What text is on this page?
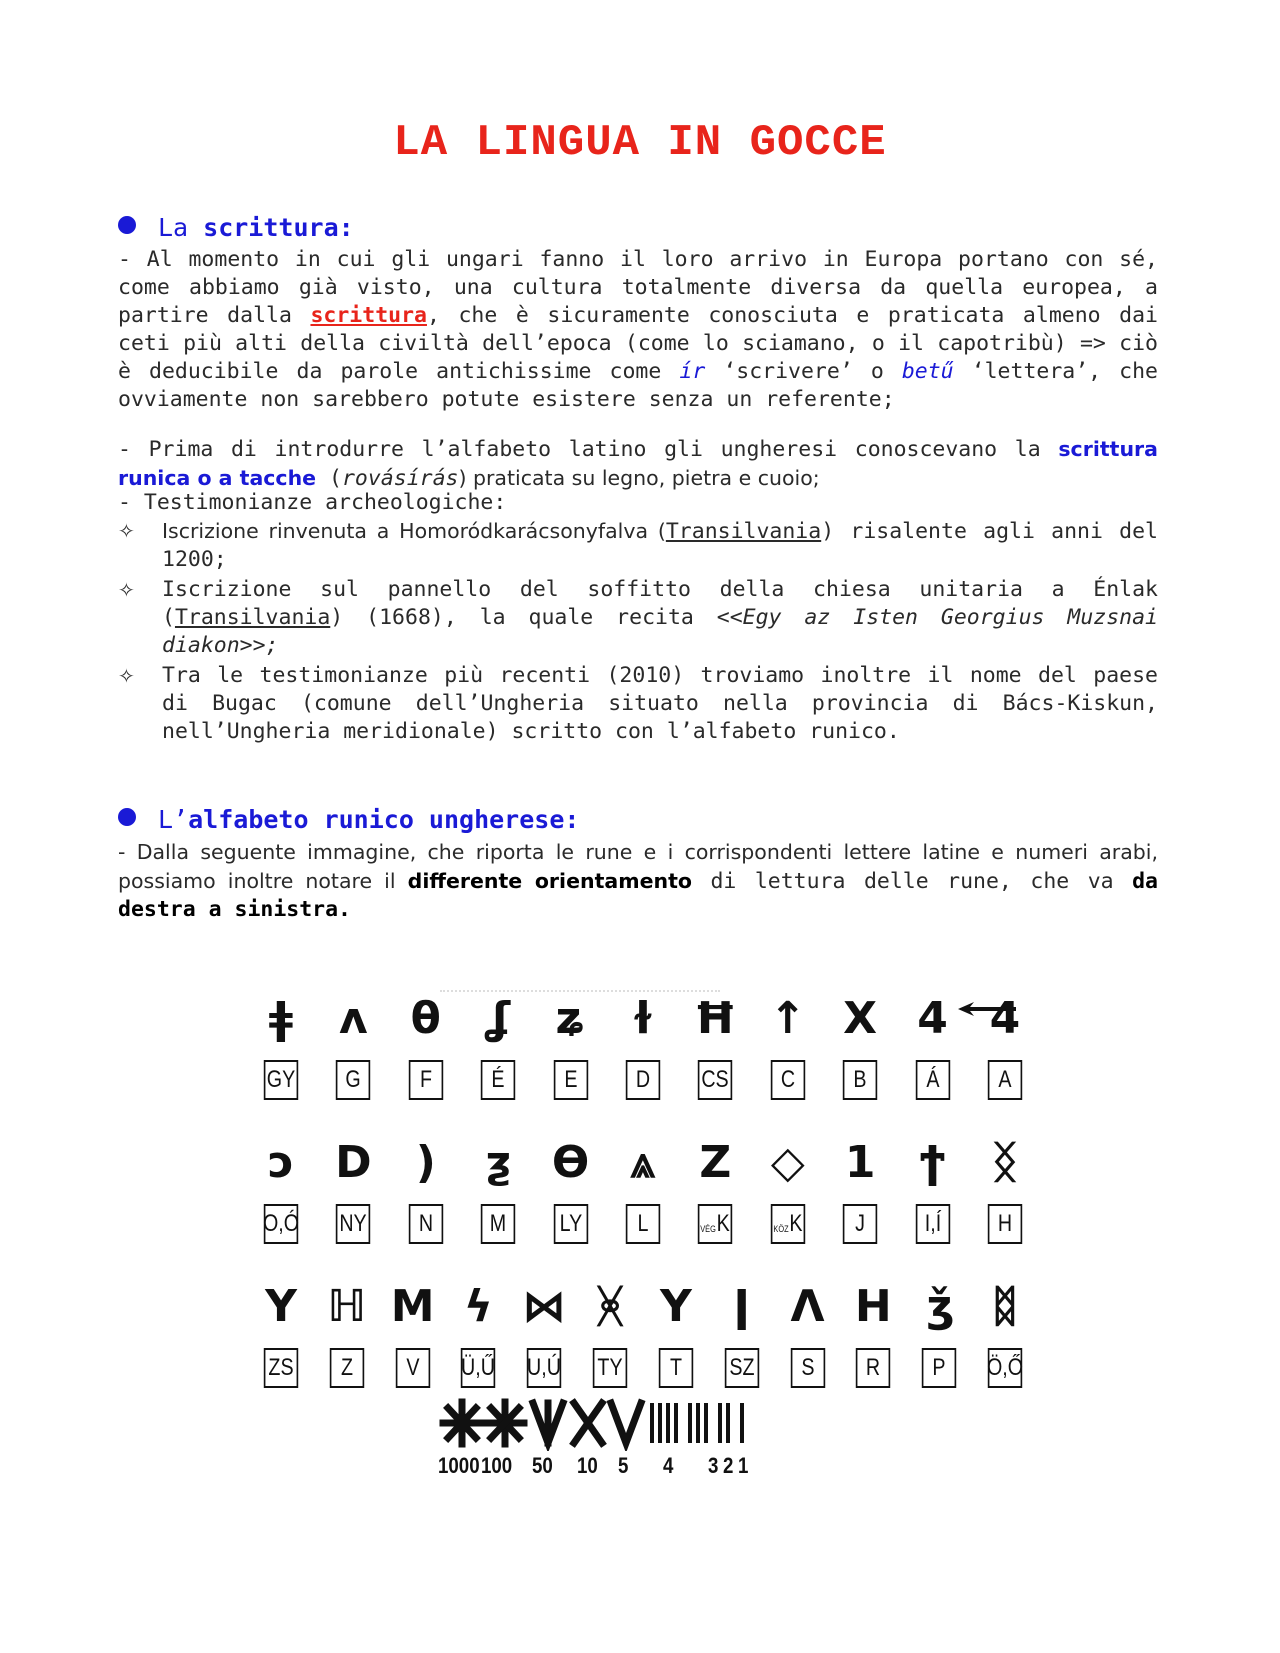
LA LINGUA IN GOCCE
La scrittura:
- Al momento in cui gli ungari fanno il loro arrivo in Europa portano con sé, come abbiamo già visto, una cultura totalmente diversa da quella europea, a partire dalla scrittura, che è sicuramente conosciuta e praticata almeno dai ceti più alti della civiltà dell’epoca (come lo sciamano, o il capotribù) => ciò è deducibile da parole antichissime come ír ‘scrivere’ o betű ‘lettera’, che ovviamente non sarebbero potute esistere senza un referente;
- Prima di introdurre l’alfabeto latino gli ungheresi conoscevano la scrittura runica o a tacche (rovásírás) praticata su legno, pietra e cuoio;
- Testimonianze archeologiche:
✧ Iscrizione rinvenuta a Homoródkarácsonyfalva (Transilvania) risalente agli anni del 1200;
✧ Iscrizione sul pannello del soffitto della chiesa unitaria a Énlak (Transilvania) (1668), la quale recita <<Egy az Isten Georgius Muzsnai diakon>>;
✧ Tra le testimonianze più recenti (2010) troviamo inoltre il nome del paese di Bugac (comune dell’Ungheria situato nella provincia di Bács-Kiskun, nell’Ungheria meridionale) scritto con l’alfabeto runico.
L’alfabeto runico ungherese:
- Dalla seguente immagine, che riporta le rune e i corrispondenti lettere latine e numeri arabi, possiamo inoltre notare il differente orientamento di lettura delle rune, che va da destra a sinistra.
ǂ
GY
ʌ
G
θ
F
ʆ
É
ʑ
E
ɫ
D
Ħ
CS
↑
C
X
B
4
Á
4
A
ɔ
O,Ó
D
NY
)
N
ƺ
M
ϴ
LY
⩓
L
Z
VÉG K
◇
KÖZ K
1
J
ϯ
I,Í
ᛝ
H
Y
ZS
ℍ
Z
M
V
ϟ
Ü,Ű
⋈
U,Ú
ᚸ
TY
Y
T
ǀ
SZ
Λ
S
H
R
ǯ
P
ᛥ
Ö,Ő
1000 100 50 10 5 4 3 2 1
